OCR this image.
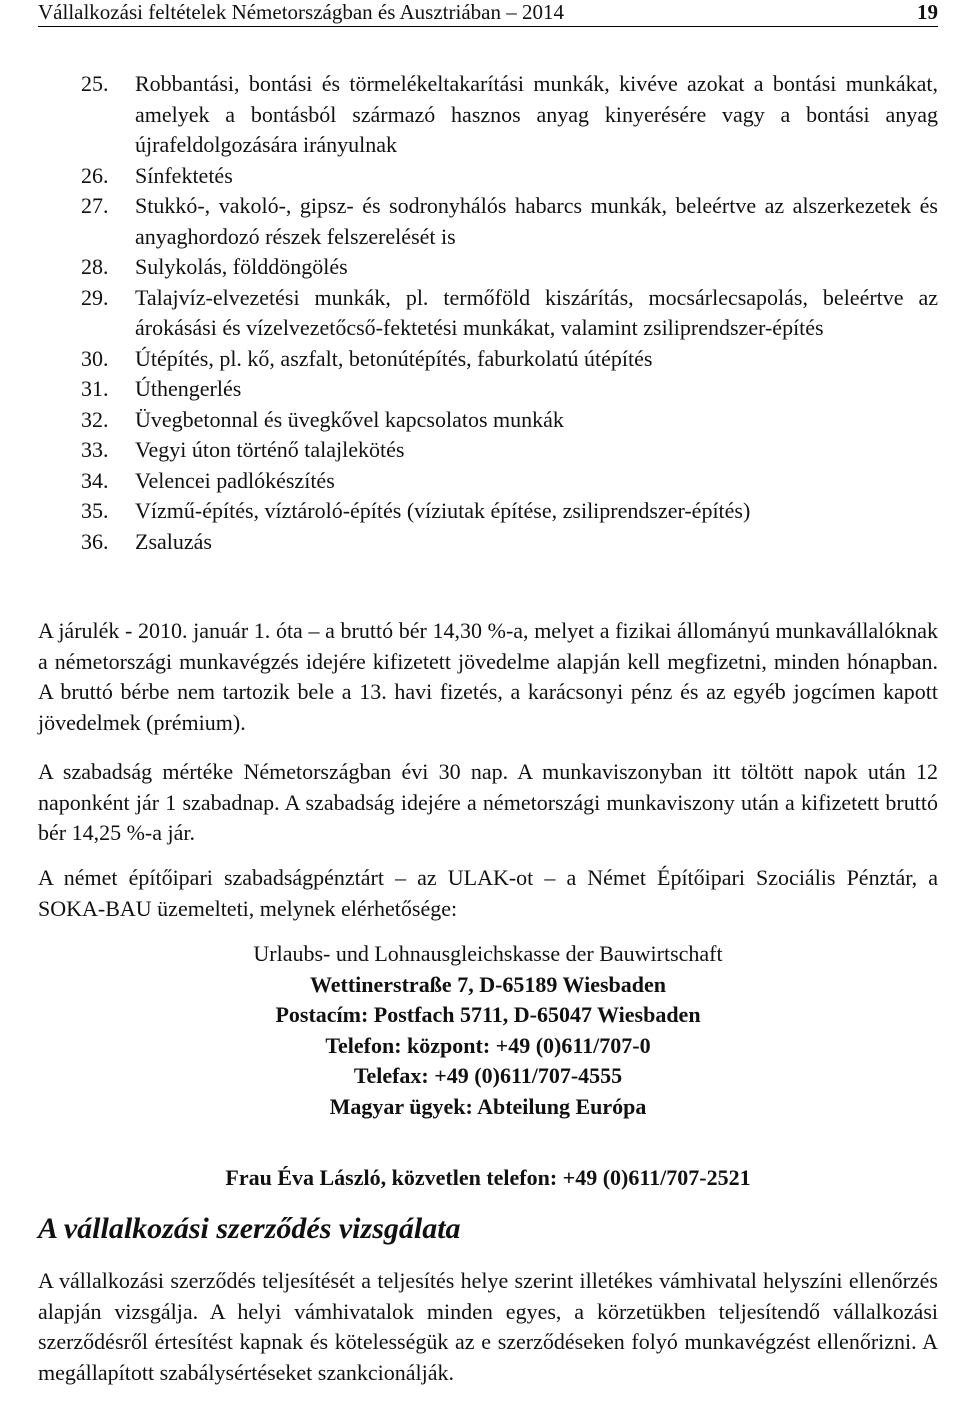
Vállalkozási feltételek Németországban és Ausztriában – 2014	19
25. Robbantási, bontási és törmelékeltakarítási munkák, kivéve azokat a bontási munkákat, amelyek a bontásból származó hasznos anyag kinyerésére vagy a bontási anyag újrafeldolgozására irányulnak
26. Sínfektetés
27. Stukkó-, vakoló-, gipsz- és sodronyhálós habarcs munkák, beleértve az alszerkezetek és anyaghordozó részek felszerelését is
28. Sulykolás, földdöngölés
29. Talajvíz-elvezetési munkák, pl. termőföld kiszárítás, mocsárlecsapolás, beleértve az árokásási és vízelvezetőcső-fektetési munkákat, valamint zsiliprendszer-építés
30. Útépítés, pl. kő, aszfalt, betonútépítés, faburkolatú útépítés
31. Úthengerlés
32. Üvegbetonnal és üvegkővel kapcsolatos munkák
33. Vegyi úton történő talajlekötés
34. Velencei padlókészítés
35. Vízmű-építés, víztároló-építés (víziutak építése, zsiliprendszer-építés)
36. Zsaluzás

A járulék - 2010. január 1. óta – a bruttó bér 14,30 %-a, melyet a fizikai állományú munkavállalóknak a németországi munkavégzés idejére kifizetett jövedelme alapján kell megfizetni, minden hónapban. A bruttó bérbe nem tartozik bele a 13. havi fizetés, a karácsonyi pénz és az egyéb jogcímen kapott jövedelmek (prémium).

A szabadság mértéke Németországban évi 30 nap. A munkaviszonyban itt töltött napok után 12 naponként jár 1 szabadnap. A szabadság idejére a németországi munkaviszony után a kifizetett bruttó bér 14,25 %-a jár.

A német építőipari szabadságpénztárt – az ULAK-ot – a Német Építőipari Szociális Pénztár, a SOKA-BAU üzemelteti, melynek elérhetősége:

Urlaubs- und Lohnausgleichskasse der Bauwirtschaft
Wettinerstraße 7, D-65189 Wiesbaden
Postacím: Postfach 5711, D-65047 Wiesbaden
Telefon: központ: +49 (0)611/707-0
Telefax: +49 (0)611/707-4555
Magyar ügyek: Abteilung Európa
Frau Éva László, közvetlen telefon: +49 (0)611/707-2521
A vállalkozási szerződés vizsgálata

A vállalkozási szerződés teljesítését a teljesítés helye szerint illetékes vámhivatal helyszíni ellenőrzés alapján vizsgálja. A helyi vámhivatalok minden egyes, a körzetükben teljesítendő vállalkozási szerződésről értesítést kapnak és kötelességük az e szerződéseken folyó munkavégzést ellenőrizni. A megállapított szabálysértéseket szankcionálják.
